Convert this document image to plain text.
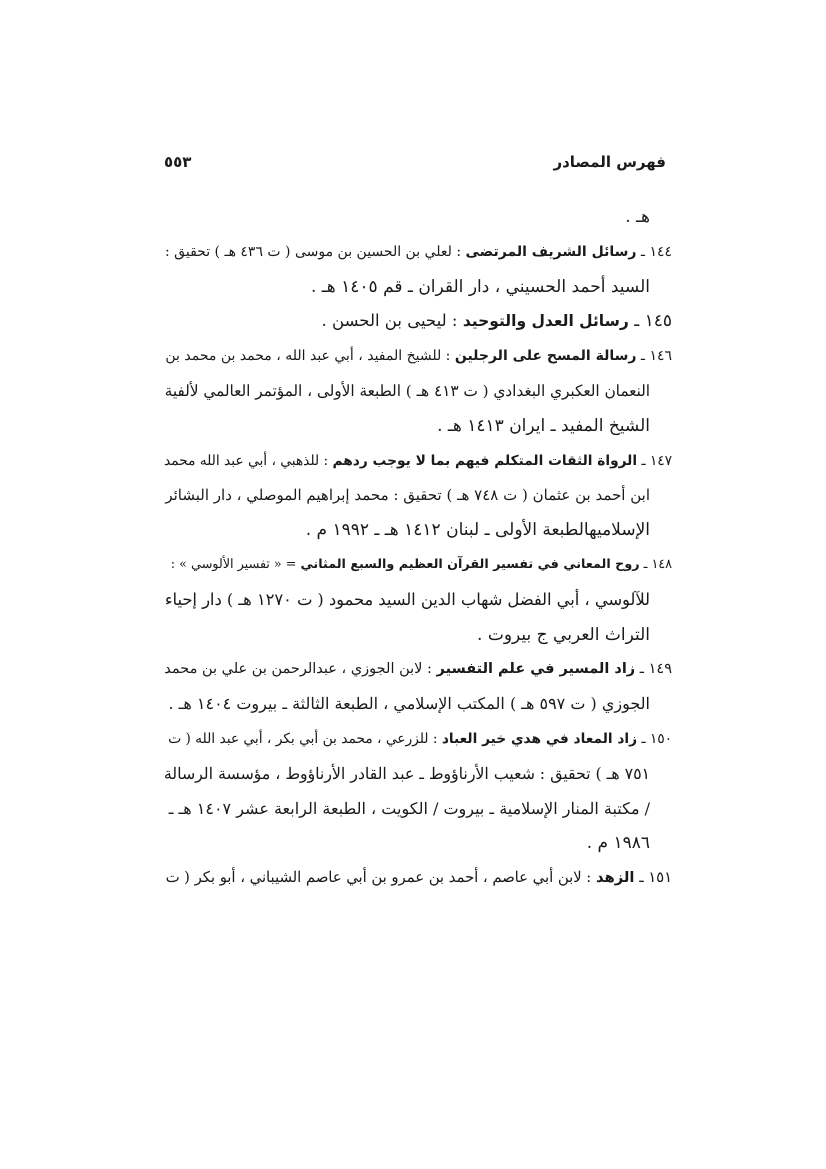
فهرس المصادر
٥٥٣
هـ .
١٤٤ ـ رسائل الشريف المرتضى : لعلي بن الحسين بن موسى ( ت ٤٣٦ هـ ) تحقيق :
السيد أحمد الحسيني ، دار القران ـ قم ١٤٠٥ هـ .
١٤٥ ـ رسائل العدل والتوحيد : ليحيى بن الحسن .
١٤٦ ـ رسالة المسح على الرجلين : للشيخ المفيد ، أبي عبد الله ، محمد بن محمد بن
النعمان العكبري البغدادي ( ت ٤١٣ هـ ) الطبعة الأولى ، المؤتمر العالمي لألفية
الشيخ المفيد ـ ايران ١٤١٣ هـ .
١٤٧ ـ الرواة الثقات المتكلم فيهم بما لا يوجب ردهم : للذهبي ، أبي عبد الله محمد
ابن أحمد بن عثمان ( ت ٧٤٨ هـ ) تحقيق : محمد إبراهيم الموصلي ، دار البشائر
الإسلاميهالطبعة الأولى ـ لبنان ١٤١٢ هـ ـ ١٩٩٢ م .
١٤٨ ـ روح المعاني في تفسير القرآن العظيم والسبع المثاني = « تفسير الألوسي » :
للآلوسي ، أبي الفضل شهاب الدين السيد محمود ( ت ١٢٧٠ هـ ) دار إحياء
التراث العربي ج بيروت .
١٤٩ ـ زاد المسير في علم التفسير : لابن الجوزي ، عبدالرحمن بن علي بن محمد
الجوزي ( ت ٥٩٧ هـ ) المكتب الإسلامي ، الطبعة الثالثة ـ بيروت ١٤٠٤ هـ .
١٥٠ ـ زاد المعاد في هدي خير العباد : للزرعي ، محمد بن أبي بكر ، أبي عبد الله ( ت
٧٥١ هـ ) تحقيق : شعيب الأرناؤوط ـ عبد القادر الأرناؤوط ، مؤسسة الرسالة
/ مكتبة المنار الإسلامية ـ بيروت / الكويت ، الطبعة الرابعة عشر ١٤٠٧ هـ ـ
١٩٨٦ م .
١٥١ ـ الزهد : لابن أبي عاصم ، أحمد بن عمرو بن أبي عاصم الشيباني ، أبو بكر ( ت
